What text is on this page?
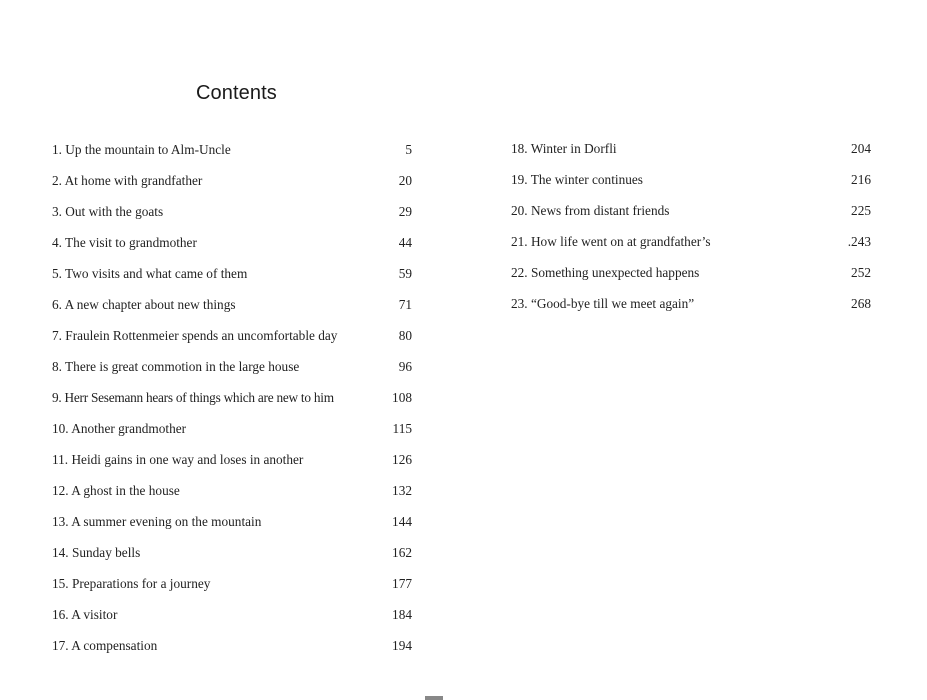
Contents
1. Up the mountain to Alm-Uncle	5
2. At home with grandfather	20
3. Out with the goats	29
4. The visit to grandmother	44
5. Two visits and what came of them	59
6. A new chapter about new things	71
7. Fraulein Rottenmeier spends an uncomfortable day	80
8. There is great commotion in the large house	96
9. Herr Sesemann hears of things which are new to him	108
10. Another grandmother	115
11. Heidi gains in one way and loses in another	126
12. A ghost in the house	132
13. A summer evening on the mountain	144
14. Sunday bells	162
15. Preparations for a journey	177
16. A visitor	184
17. A compensation	194
18. Winter in Dorfli	204
19. The winter continues	216
20. News from distant friends	225
21. How life went on at grandfather’s	.243
22. Something unexpected happens	252
23. “Good-bye till we meet again”	268
